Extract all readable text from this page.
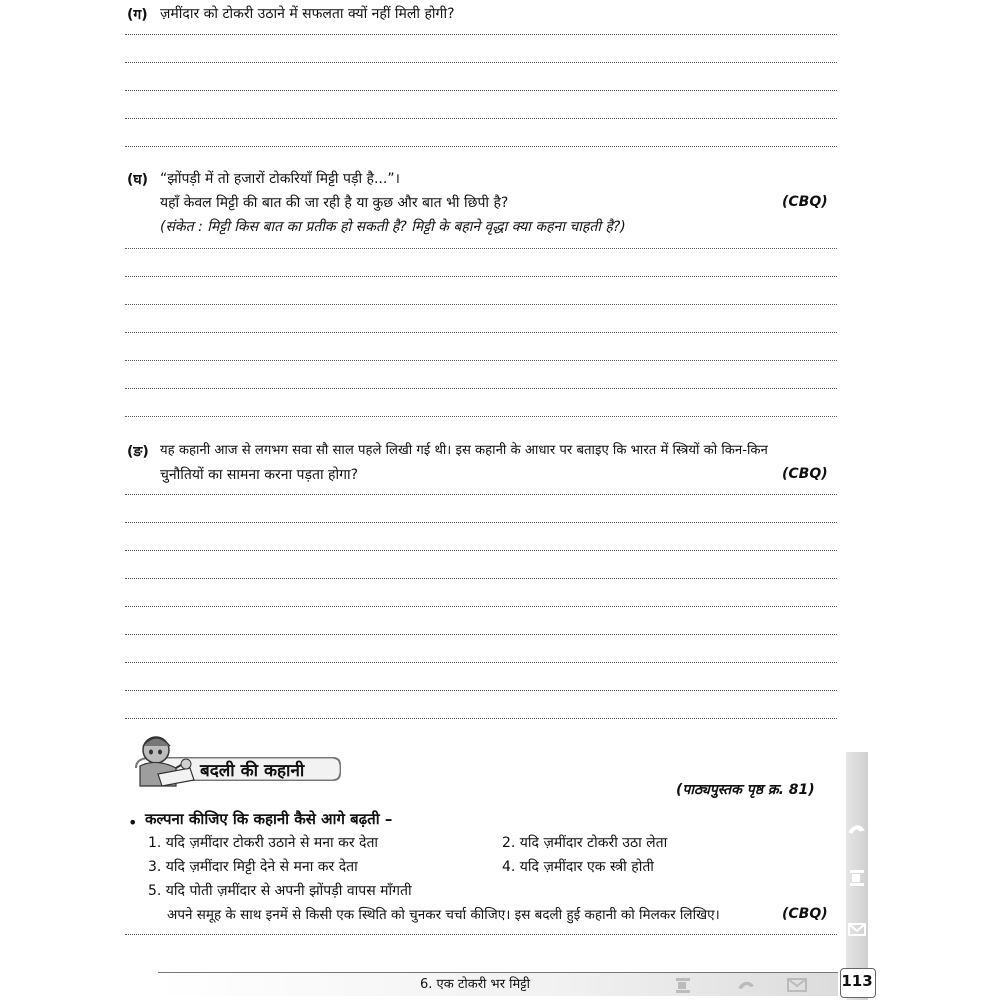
(ग) ज़मींदार को टोकरी उठाने में सफलता क्यों नहीं मिली होगी?
(घ) “झोंपड़ी में तो हजारों टोकरियाँ मिट्टी पड़ी है...”।
यहाँ केवल मिट्टी की बात की जा रही है या कुछ और बात भी छिपी है?	(CBQ)
(संकेत : मिट्टी किस बात का प्रतीक हो सकती है? मिट्टी के बहाने वृद्धा क्या कहना चाहती है?)
(ङ) यह कहानी आज से लगभग सवा सौ साल पहले लिखी गई थी। इस कहानी के आधार पर बताइए कि भारत में स्त्रियों को किन-किन
चुनौतियों का सामना करना पड़ता होगा?	(CBQ)
बदली की कहानी
(पाठ्यपुस्तक पृष्ठ क्र. 81)
• कल्पना कीजिए कि कहानी कैसे आगे बढ़ती –
1. यदि ज़मींदार टोकरी उठाने से मना कर देता	2. यदि ज़मींदार टोकरी उठा लेता
3. यदि ज़मींदार मिट्टी देने से मना कर देता	4. यदि ज़मींदार एक स्त्री होती
5. यदि पोती ज़मींदार से अपनी झोंपड़ी वापस माँगती
अपने समूह के साथ इनमें से किसी एक स्थिति को चुनकर चर्चा कीजिए। इस बदली हुई कहानी को मिलकर लिखिए।	(CBQ)
6. एक टोकरी भर मिट्टी	113
